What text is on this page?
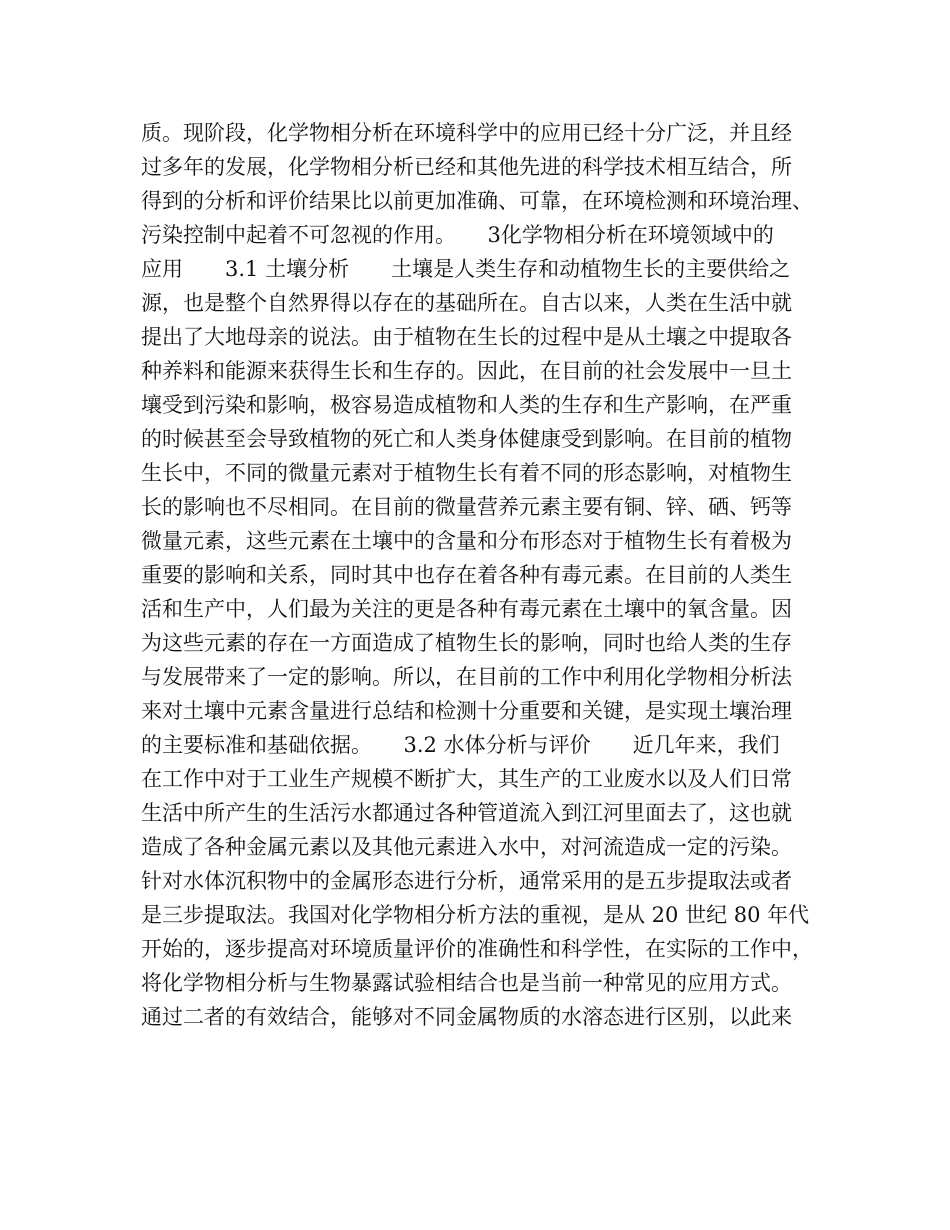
质。现阶段，化学物相分析在环境科学中的应用已经十分广泛，并且经
过多年的发展，化学物相分析已经和其他先进的科学技术相互结合，所
得到的分析和评价结果比以前更加准确、可靠，在环境检测和环境治理、
污染控制中起着不可忽视的作用。　　3化学物相分析在环境领域中的
应用　　3.1 土壤分析　　土壤是人类生存和动植物生长的主要供给之
源，也是整个自然界得以存在的基础所在。自古以来，人类在生活中就
提出了大地母亲的说法。由于植物在生长的过程中是从土壤之中提取各
种养料和能源来获得生长和生存的。因此，在目前的社会发展中一旦土
壤受到污染和影响，极容易造成植物和人类的生存和生产影响，在严重
的时候甚至会导致植物的死亡和人类身体健康受到影响。在目前的植物
生长中，不同的微量元素对于植物生长有着不同的形态影响，对植物生
长的影响也不尽相同。在目前的微量营养元素主要有铜、锌、硒、钙等
微量元素，这些元素在土壤中的含量和分布形态对于植物生长有着极为
重要的影响和关系，同时其中也存在着各种有毒元素。在目前的人类生
活和生产中，人们最为关注的更是各种有毒元素在土壤中的氧含量。因
为这些元素的存在一方面造成了植物生长的影响，同时也给人类的生存
与发展带来了一定的影响。所以，在目前的工作中利用化学物相分析法
来对土壤中元素含量进行总结和检测十分重要和关键，是实现土壤治理
的主要标准和基础依据。　　3.2 水体分析与评价　　近几年来，我们
在工作中对于工业生产规模不断扩大，其生产的工业废水以及人们日常
生活中所产生的生活污水都通过各种管道流入到江河里面去了，这也就
造成了各种金属元素以及其他元素进入水中，对河流造成一定的污染。
针对水体沉积物中的金属形态进行分析，通常采用的是五步提取法或者
是三步提取法。我国对化学物相分析方法的重视，是从 20 世纪 80 年代
开始的，逐步提高对环境质量评价的准确性和科学性，在实际的工作中，
将化学物相分析与生物暴露试验相结合也是当前一种常见的应用方式。
通过二者的有效结合，能够对不同金属物质的水溶态进行区别，以此来
